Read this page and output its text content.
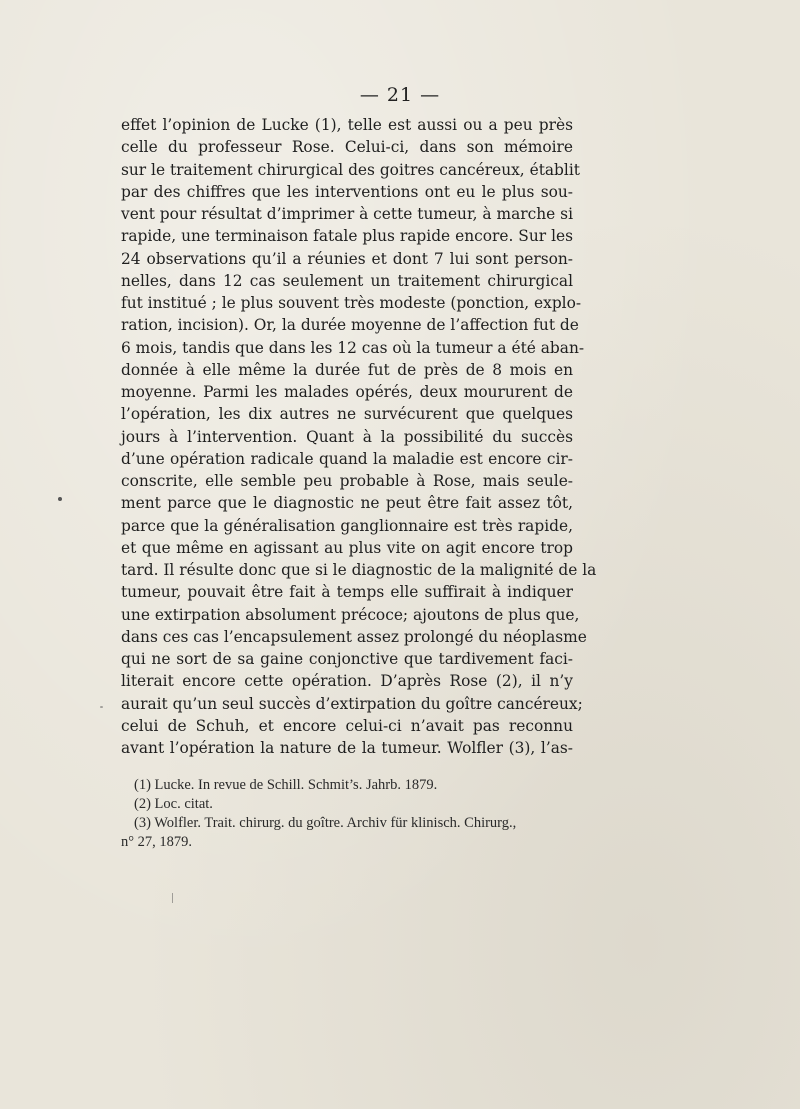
— 21 —
effet l’opinion de Lucke (1), telle est aussi ou a peu près
celle du professeur Rose. Celui-ci, dans son mémoire
sur le traitement chirurgical des goitres cancéreux, établit
par des chiffres que les interventions ont eu le plus sou-
vent pour résultat d’imprimer à cette tumeur, à marche si
rapide, une terminaison fatale plus rapide encore. Sur les
24 observations qu’il a réunies et dont 7 lui sont person-
nelles, dans 12 cas seulement un traitement chirurgical
fut institué ; le plus souvent très modeste (ponction, explo-
ration, incision). Or, la durée moyenne de l’affection fut de
6 mois, tandis que dans les 12 cas où la tumeur a été aban-
donnée à elle même la durée fut de près de 8 mois en
moyenne. Parmi les malades opérés, deux moururent de
l’opération, les dix autres ne survécurent que quelques
jours à l’intervention. Quant à la possibilité du succès
d’une opération radicale quand la maladie est encore cir-
conscrite, elle semble peu probable à Rose, mais seule-
ment parce que le diagnostic ne peut être fait assez tôt,
parce que la généralisation ganglionnaire est très rapide,
et que même en agissant au plus vite on agit encore trop
tard. Il résulte donc que si le diagnostic de la malignité de la
tumeur, pouvait être fait à temps elle suffirait à indiquer
une extirpation absolument précoce; ajoutons de plus que,
dans ces cas l’encapsulement assez prolongé du néoplasme
qui ne sort de sa gaine conjonctive que tardivement faci-
literait encore cette opération. D’après Rose (2), il n’y
aurait qu’un seul succès d’extirpation du goître cancéreux;
celui de Schuh, et encore celui-ci n’avait pas reconnu
avant l’opération la nature de la tumeur. Wolfler (3), l’as-
(1) Lucke. In revue de Schill. Schmit’s. Jahrb. 1879.
(2) Loc. citat.
(3) Wolfler. Trait. chirurg. du goître. Archiv für klinisch. Chirurg.,
n° 27, 1879.
